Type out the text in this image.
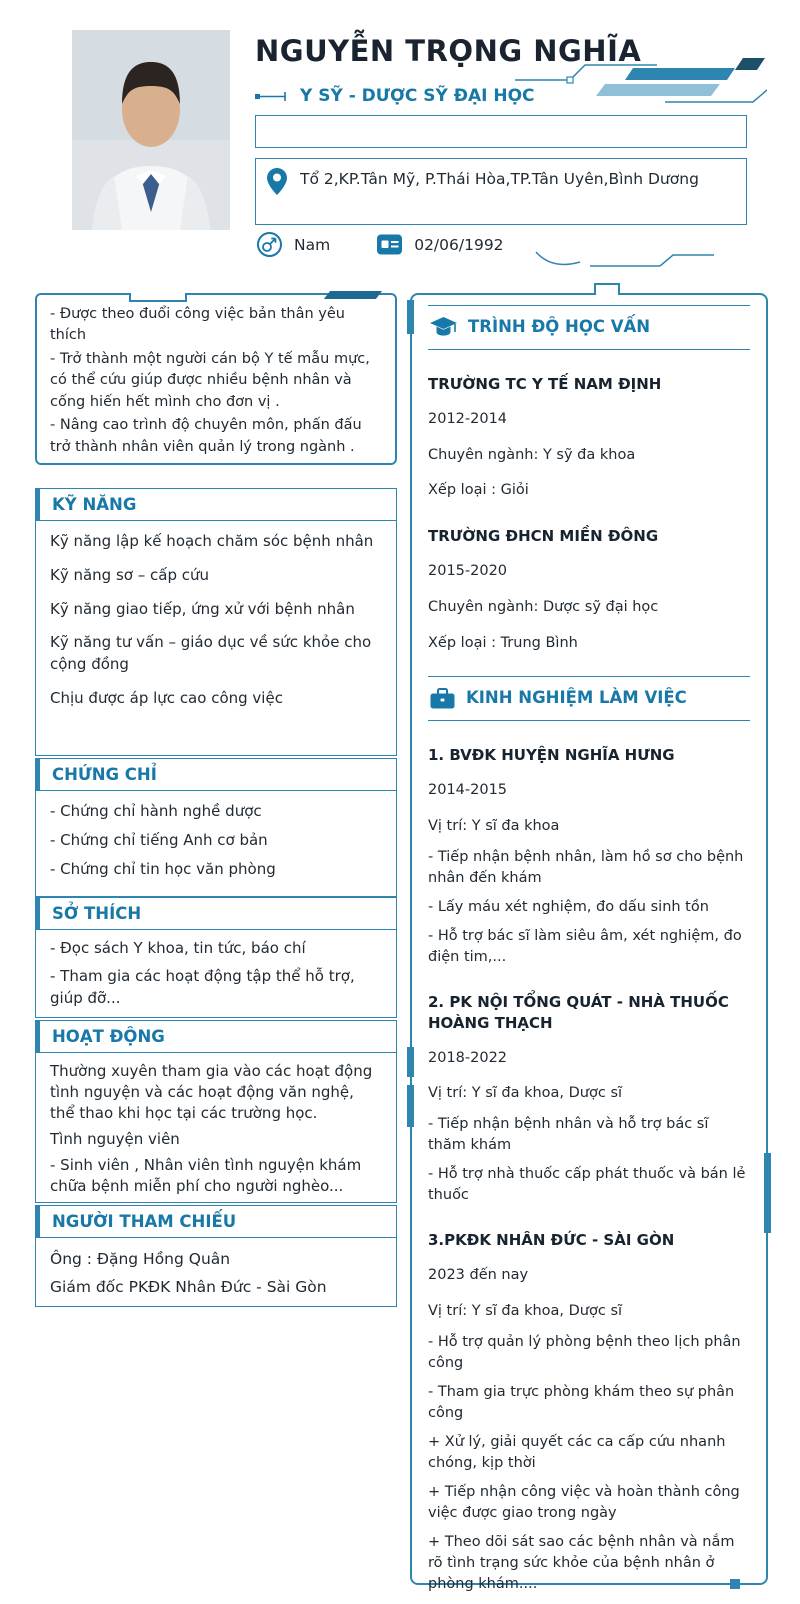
NGUYỄN TRỌNG NGHĨA
Y SỸ - DƯỢC SỸ ĐẠI HỌC
Tổ 2,KP.Tân Mỹ, P.Thái Hòa,TP.Tân Uyên,Bình Dương
Nam	02/06/1992
- Được theo đuổi công việc bản thân yêu thích
- Trở thành một người cán bộ Y tế mẫu mực, có thể cứu giúp được nhiều bệnh nhân và cống hiến hết mình cho đơn vị .
- Nâng cao trình độ chuyên môn, phấn đấu trở thành nhân viên quản lý trong ngành .
KỸ NĂNG
Kỹ năng lập kế hoạch chăm sóc bệnh nhân
Kỹ năng sơ – cấp cứu
Kỹ năng giao tiếp, ứng xử với bệnh nhân
Kỹ năng tư vấn – giáo dục về sức khỏe cho cộng đồng
Chịu được áp lực cao công việc
CHỨNG CHỈ
- Chứng chỉ hành nghề dược
- Chứng chỉ tiếng Anh cơ bản
- Chứng chỉ tin học văn phòng
SỞ THÍCH
- Đọc sách Y khoa, tin tức, báo chí
- Tham gia các hoạt động tập thể hỗ trợ, giúp đỡ...
HOẠT ĐỘNG
Thường xuyên tham gia vào các hoạt động tình nguyện và các hoạt động văn nghệ, thể thao khi học tại các trường học.
Tình nguyện viên
- Sinh viên , Nhân viên tình nguyện khám chữa bệnh miễn phí cho người nghèo...
NGƯỜI THAM CHIẾU
Ông : Đặng Hồng Quân
Giám đốc PKĐK Nhân Đức - Sài Gòn
TRÌNH ĐỘ HỌC VẤN
TRƯỜNG TC Y TẾ NAM ĐỊNH
2012-2014
Chuyên ngành: Y sỹ đa khoa
Xếp loại : Giỏi
TRƯỜNG ĐHCN MIỀN ĐÔNG
2015-2020
Chuyên ngành: Dược sỹ đại học
Xếp loại : Trung Bình
KINH NGHIỆM LÀM VIỆC
1. BVĐK HUYỆN NGHĨA HƯNG
2014-2015
Vị trí: Y sĩ đa khoa
- Tiếp nhận bệnh nhân, làm hồ sơ cho bệnh nhân đến khám
- Lấy máu xét nghiệm, đo dấu sinh tồn
- Hỗ trợ bác sĩ làm siêu âm, xét nghiệm, đo điện tim,...
2. PK NỘI TỔNG QUÁT - NHÀ THUỐC HOÀNG THẠCH
2018-2022
Vị trí: Y sĩ đa khoa, Dược sĩ
- Tiếp nhận bệnh nhân và hỗ trợ bác sĩ thăm khám
- Hỗ trợ nhà thuốc cấp phát thuốc và bán lẻ thuốc
3.PKĐK NHÂN ĐỨC - SÀI GÒN
2023 đến nay
Vị trí: Y sĩ đa khoa, Dược sĩ
- Hỗ trợ quản lý phòng bệnh theo lịch phân công
- Tham gia trực phòng khám theo sự phân công
+ Xử lý, giải quyết các ca cấp cứu nhanh chóng, kịp thời
+ Tiếp nhận công việc và hoàn thành công việc được giao trong ngày
+ Theo dõi sát sao các bệnh nhân và nắm rõ tình trạng sức khỏe của bệnh nhân ở phòng khám....
